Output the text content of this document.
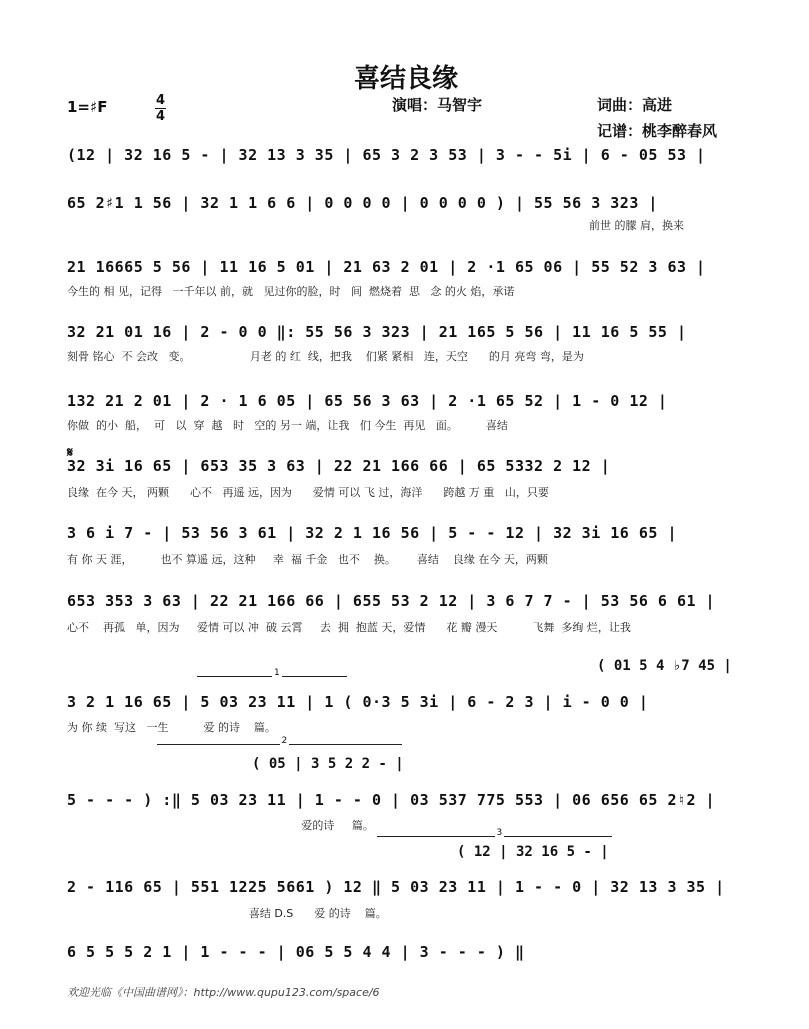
喜结良缘
1=♯F	4
4
演唱：马智宇	词曲：高进
记谱：桃李醉春风
(12 | 32 16 5 - | 32 13 3 35 | 65 3 2 3 53 | 3 - - 5i | 6 - 05 53 |
65 2♯1 1 56 | 32 1 1 6 6 | 0 0 0 0 | 0 0 0 0 ) | 55 56 3 323 |
前世 的朦 肩，换来
21 16665 5 56 | 11 16 5 01 | 21 63 2 01 | 2 ·1 65 06 | 55 52 3 63 |
今生的 相 见，记得   一千年以 前，就   见过你的脸，时   间  燃烧着  思   念 的火 焰，承诺
32 21 01 16 | 2 - 0 0 ‖: 55 56 3 323 | 21 165 5 56 | 11 16 5 55 |
刻骨 铭心  不 会改   变。                 月老 的 红  线，把我    们紧 紧相   连，天空      的月 亮弯 弯，是为
132 21 2 01 | 2 · 1 6 05 | 65 56 3 63 | 2 ·1 65 52 | 1 - 0 12 |
你做  的小  船，  可   以  穿  越   时   空的 另一 端，让我   们 今生  再见   面。        喜结
𝄋
32 3i 16 65 | 653 35 3 63 | 22 21 166 66 | 65 5332 2 12 |
良缘  在今 天， 两颗      心不   再遥 远，因为      爱情 可以 飞 过，海洋      跨越 万 重   山，只要
3 6 i 7 - | 53 56 3 61 | 32 2 1 16 56 | 5 - - 12 | 32 3i 16 65 |
有 你 天 涯，        也不 算遥 远，这种     幸  福 千金   也不    换。      喜结    良缘 在今 天，两颗
653 353 3 63 | 22 21 166 66 | 655 53 2 12 | 3 6 7 7 - | 53 56 6 61 |
心不    再孤   单，因为     爱情 可以 冲  破 云霄     去  拥  抱蓝 天，爱情      花 瓣 漫天          飞舞  多绚 烂，让我
( 01 5 4 ♭7 45 |
1
3 2 1 16 65 | 5 03 23 11 | 1 ( 0·3 5 3i | 6 - 2 3 | i - 0 0 |
为 你 续  写这   一生          爱 的诗    篇。
2
( 05 | 3 5 2 2 - |
5 - - - ) :‖ 5 03 23 11 | 1 - - 0 | 03 537 775 553 | 06 656 65 2♮2 |
爱的诗     篇。
3
( 12 | 32 16 5 - |
2 - 116 65 | 551 1225 5661 ) 12 ‖ 5 03 23 11 | 1 - - 0 | 32 13 3 35 |
喜结 D.S      爱 的诗    篇。
6 5 5 5 2 1 | 1 - - - | 06 5 5 4 4 | 3 - - - ) ‖
欢迎光临《中国曲谱网》：http://www.qupu123.com/space/6
